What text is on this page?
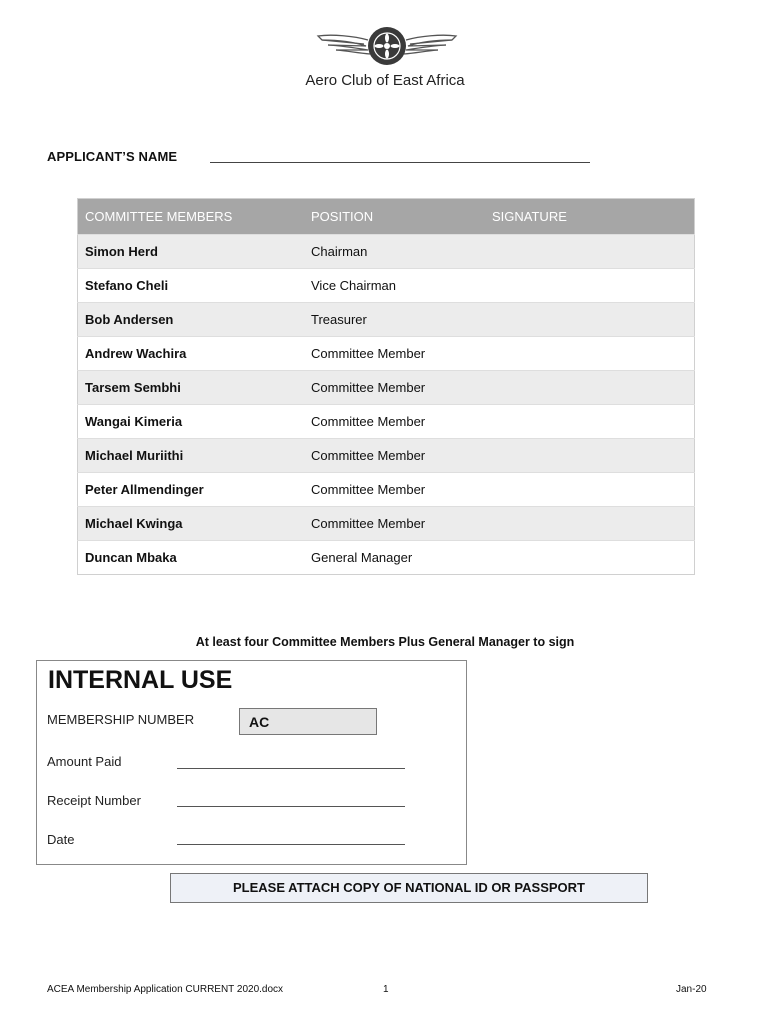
Aero Club of East Africa
APPLICANT’S NAME
COMMITTEE MEMBERS	POSITION	SIGNATURE
Simon Herd	Chairman	
Stefano Cheli	Vice Chairman	
Bob Andersen	Treasurer	
Andrew Wachira	Committee Member	
Tarsem Sembhi	Committee Member	
Wangai Kimeria	Committee Member	
Michael Muriithi	Committee Member	
Peter Allmendinger	Committee Member	
Michael Kwinga	Committee Member	
Duncan Mbaka	General Manager	
At least four Committee Members Plus General Manager to sign
INTERNAL USE
MEMBERSHIP NUMBER	AC
Amount Paid
Receipt Number
Date
PLEASE ATTACH COPY OF NATIONAL ID OR PASSPORT
ACEA Membership Application CURRENT 2020.docx	1	Jan-20
